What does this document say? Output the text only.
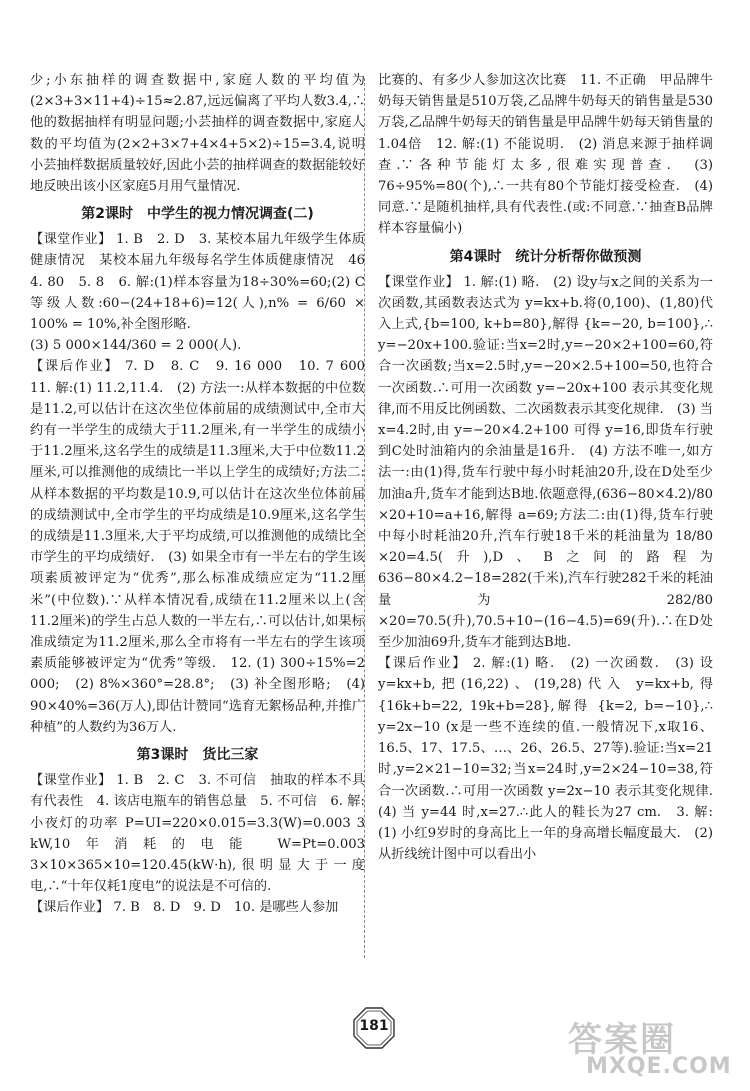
少;小东抽样的调查数据中,家庭人数的平均值为(2×3+3×11+4)÷15≈2.87,远远偏离了平均人数3.4,∴他的数据抽样有明显问题;小芸抽样的调查数据中,家庭人数的平均值为(2×2+3×7+4×4+5×2)÷15=3.4,说明小芸抽样数据质量较好,因此小芸的抽样调查的数据能较好地反映出该小区家庭5月用气量情况.
第2课时　中学生的视力情况调查(二)
【课堂作业】 1. B　2. D　3. 某校本届九年级学生体质健康情况　某校本届九年级每名学生体质健康情况　46　4. 80　5. 8　6. 解:(1)样本容量为18÷30%=60;(2) C等级人数:60−(24+18+6)=12(人),n% = 6/60 × 100% = 10%,补全图形略.
(3) 5 000×144/360 = 2 000(人).
【课后作业】 7. D　8. C　9. 16 000　10. 7 600　11. 解:(1) 11.2,11.4.　(2) 方法一:从样本数据的中位数是11.2,可以估计在这次坐位体前届的成绩测试中,全市大约有一半学生的成绩大于11.2厘米,有一半学生的成绩小于11.2厘米,这名学生的成绩是11.3厘米,大于中位数11.2厘米,可以推测他的成绩比一半以上学生的成绩好;方法二:从样本数据的平均数是10.9,可以估计在这次坐位体前届的成绩测试中,全市学生的平均成绩是10.9厘米,这名学生的成绩是11.3厘米,大于平均成绩,可以推测他的成绩比全市学生的平均成绩好.　(3) 如果全市有一半左右的学生该项素质被评定为“优秀”,那么标准成绩应定为“11.2厘米”(中位数).∵从样本情况看,成绩在11.2厘米以上(含11.2厘米)的学生占总人数的一半左右,∴可以估计,如果标准成绩定为11.2厘米,那么全市将有一半左右的学生该项素质能够被评定为“优秀”等级.　12. (1) 300÷15%=2 000;　(2) 8%×360°=28.8°;　(3) 补全图形略;　(4) 90×40%=36(万人),即估计赞同“选育无絮杨品种,并推广种植”的人数约为36万人.
第3课时　货比三家
【课堂作业】 1. B　2. C　3. 不可信　抽取的样本不具有代表性　4. 该店电瓶车的销售总量　5. 不可信　6. 解:小夜灯的功率 P=UI=220×0.015=3.3(W)=0.003 3 kW,10年消耗的电能 W=Pt=0.003 3×10×365×10=120.45(kW·h),很明显大于一度电,∴“十年仅耗1度电”的说法是不可信的.
【课后作业】 7. B　8. D　9. D　10. 是哪些人参加
比赛的、有多少人参加这次比赛　11. 不正确　甲品牌牛奶每天销售量是510万袋,乙品牌牛奶每天的销售量是530万袋,乙品牌牛奶每天的销售量是甲品牌牛奶每天销售量的1.04倍　12. 解:(1) 不能说明.　(2) 消息来源于抽样调查.∵各种节能灯太多,很难实现普查.　(3) 76÷95%=80(个),∴一共有80个节能灯接受检查.　(4) 同意.∵是随机抽样,具有代表性.(或:不同意.∵抽查B品牌样本容量偏小)
第4课时　统计分析帮你做预测
【课堂作业】 1. 解:(1) 略.　(2) 设y与x之间的关系为一次函数,其函数表达式为 y=kx+b.将(0,100)、(1,80)代入上式,{b=100, k+b=80},解得 {k=−20, b=100},∴ y=−20x+100.验证:当x=2时,y=−20×2+100=60,符合一次函数;当x=2.5时,y=−20×2.5+100=50,也符合一次函数.∴可用一次函数 y=−20x+100 表示其变化规律,而不用反比例函数、二次函数表示其变化规律.　(3) 当x=4.2时,由 y=−20×4.2+100 可得 y=16,即货车行驶到C处时油箱内的余油量是16升.　(4) 方法不唯一,如方法一:由(1)得,货车行驶中每小时耗油20升,设在D处至少加油a升,货车才能到达B地.依题意得,(636−80×4.2)/80 ×20+10=a+16,解得 a=69;方法二:由(1)得,货车行驶中每小时耗油20升,汽车行驶18千米的耗油量为 18/80 ×20=4.5(升),D、B之间的路程为 636−80×4.2−18=282(千米),汽车行驶282千米的耗油量为 282/80 ×20=70.5(升),70.5+10−(16−4.5)=69(升).∴在D处至少加油69升,货车才能到达B地.
【课后作业】 2. 解:(1) 略.　(2) 一次函数.　(3) 设y=kx+b,把(16,22)、(19,28)代入 y=kx+b,得 {16k+b=22, 19k+b=28},解得 {k=2, b=−10},∴ y=2x−10 (x是一些不连续的值.一般情况下,x取16、16.5、17、17.5、…、26、26.5、27等).验证:当x=21时,y=2×21−10=32;当x=24时,y=2×24−10=38,符合一次函数.∴可用一次函数 y=2x−10 表示其变化规律.　(4) 当 y=44 时,x=27.∴此人的鞋长为27 cm.　3. 解:(1) 小红9岁时的身高比上一年的身高增长幅度最大.　(2) 从折线统计图中可以看出小
181	答案圈
MXQE.COM
